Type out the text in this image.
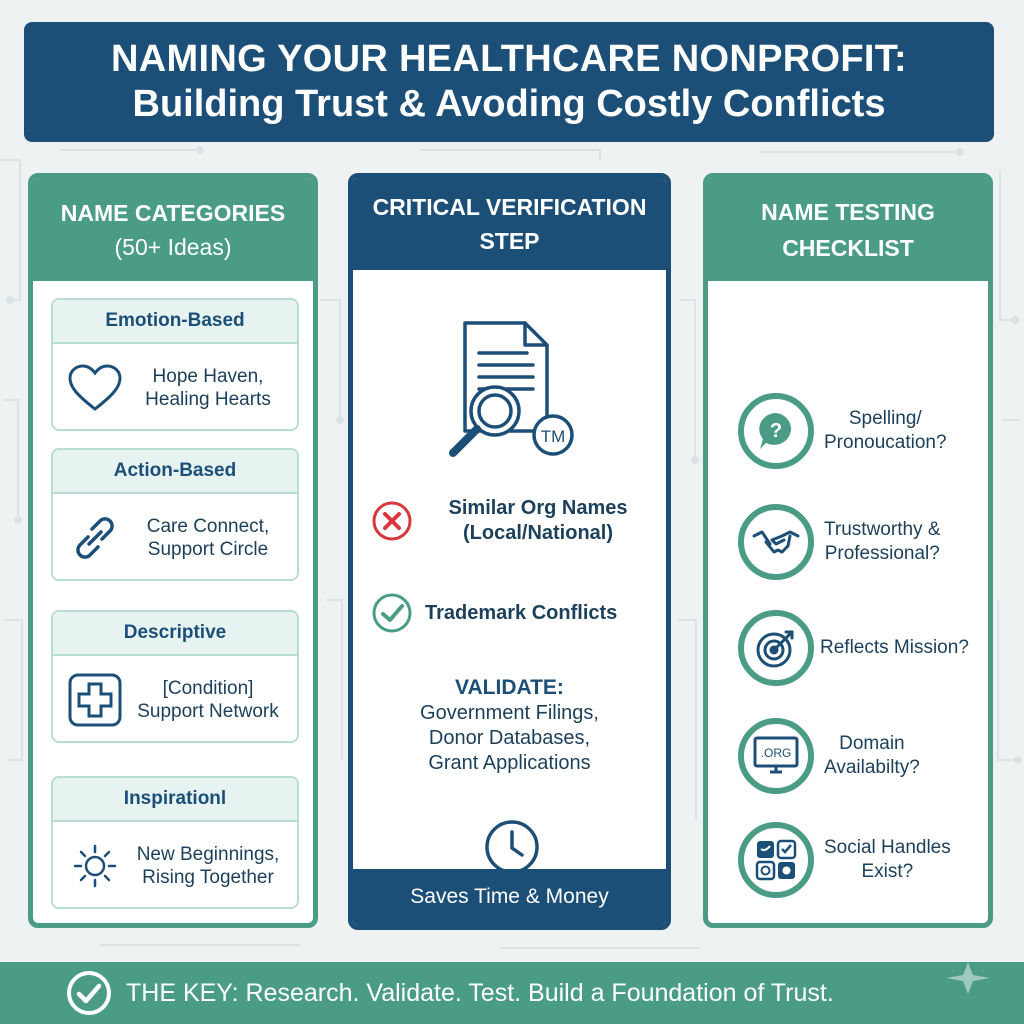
NAMING YOUR HEALTHCARE NONPROFIT:
Building Trust & Avoding Costly Conflicts
NAME CATEGORIES
(50+ Ideas)
Emotion-Based
Hope Haven,
Healing Hearts
Action-Based
Care Connect,
Support Circle
Descriptive
[Condition]
Support Network
Inspirationl
New Beginnings,
Rising Together
CRITICAL VERIFICATION
STEP
TM
Similar Org Names
(Local/National)
Trademark Conflicts
VALIDATE:
Government Filings,
Donor Databases,
Grant Applications
Saves Time & Money
NAME TESTING
CHECKLIST
?
Spelling/
Pronoucation?
Trustworthy &
Professional?
Reflects Mission?
.ORG	Domain
Availabilty?
Social Handles
Exist?
THE KEY: Research. Validate. Test. Build a Foundation of Trust.
